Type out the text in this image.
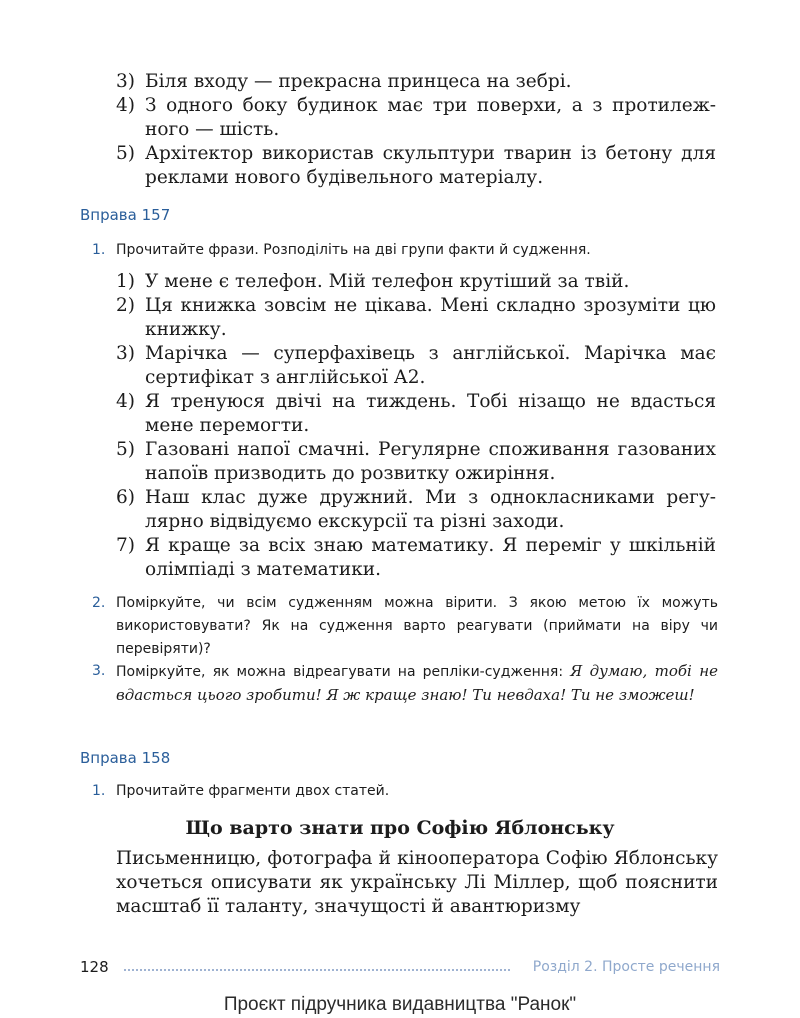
3) Біля входу — прекрасна принцеса на зебрі.
4) З одного боку будинок має три поверхи, а з протилежного — шість.
5) Архітектор використав скульптури тварин із бетону для реклами нового будівельного матеріалу.
Вправа 157
1. Прочитайте фрази. Розподіліть на дві групи факти й судження.
1) У мене є телефон. Мій телефон крутіший за твій.
2) Ця книжка зовсім не цікава. Мені складно зрозуміти цю книжку.
3) Марічка — суперфахівець з англійської. Марічка має сертифікат з англійської А2.
4) Я тренуюся двічі на тиждень. Тобі нізащо не вдасться мене перемогти.
5) Газовані напої смачні. Регулярне споживання газованих напоїв призводить до розвитку ожиріння.
6) Наш клас дуже дружний. Ми з однокласниками регулярно відвідуємо екскурсії та різні заходи.
7) Я краще за всіх знаю математику. Я переміг у шкільній олімпіаді з математики.
2. Поміркуйте, чи всім судженням можна вірити. З якою метою їх можуть використовувати? Як на судження варто реагувати (приймати на віру чи перевіряти)?
3. Поміркуйте, як можна відреагувати на репліки-судження: Я думаю, тобі не вдасться цього зробити! Я ж краще знаю! Ти невдаха! Ти не зможеш!
Вправа 158
1. Прочитайте фрагменти двох статей.
Що варто знати про Софію Яблонську
Письменницю, фотографа й кінооператора Софію Яблонську хочеться описувати як українську Лі Міллер, щоб пояснити масштаб її таланту, значущості й авантюризму
128	Розділ 2. Просте речення
Проєкт підручника видавництва "Ранок"
